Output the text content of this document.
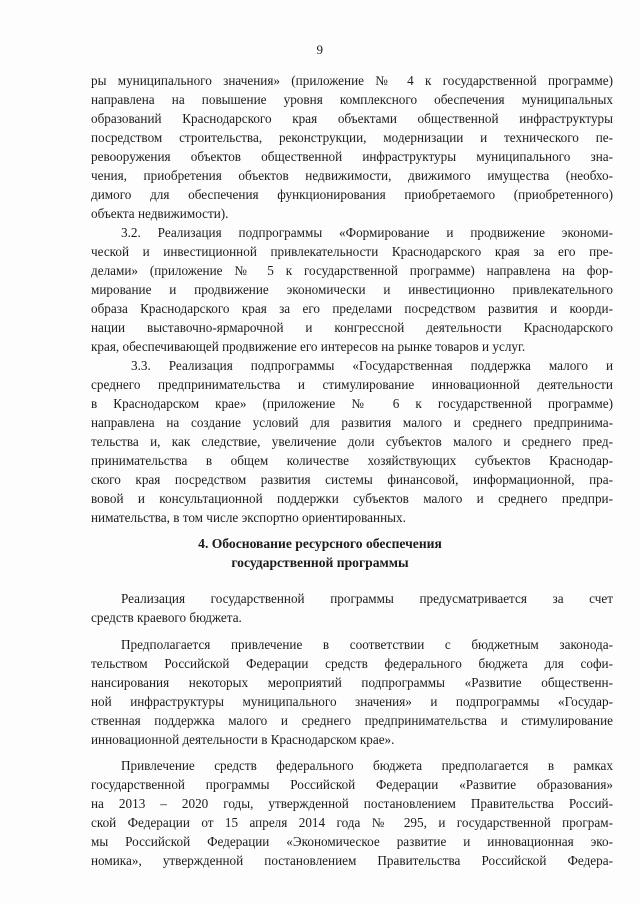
9
ры муниципального значения» (приложение № 4 к государственной программе)
направлена на повышение уровня комплексного обеспечения муниципальных
образований Краснодарского края объектами общественной инфраструктуры
посредством строительства, реконструкции, модернизации и технического пе-
ревооружения объектов общественной инфраструктуры муниципального зна-
чения, приобретения объектов недвижимости, движимого имущества (необхо-
димого для обеспечения функционирования приобретаемого (приобретенного)
объекта недвижимости).
3.2. Реализация подпрограммы «Формирование и продвижение экономи-
ческой и инвестиционной привлекательности Краснодарского края за его пре-
делами» (приложение № 5 к государственной программе) направлена на фор-
мирование и продвижение экономически и инвестиционно привлекательного
образа Краснодарского края за его пределами посредством развития и коорди-
нации выставочно-ярмарочной и конгрессной деятельности Краснодарского
края, обеспечивающей продвижение его интересов на рынке товаров и услуг.
3.3. Реализация подпрограммы «Государственная поддержка малого и
среднего предпринимательства и стимулирование инновационной деятельности
в Краснодарском крае» (приложение № 6 к государственной программе)
направлена на создание условий для развития малого и среднего предпринима-
тельства и, как следствие, увеличение доли субъектов малого и среднего пред-
принимательства в общем количестве хозяйствующих субъектов Краснодар-
ского края посредством развития системы финансовой, информационной, пра-
вовой и консультационной поддержки субъектов малого и среднего предпри-
нимательства, в том числе экспортно ориентированных.
4. Обоснование ресурсного обеспечения
государственной программы
Реализация государственной программы предусматривается за счет
средств краевого бюджета.
Предполагается привлечение в соответствии с бюджетным законода-
тельством Российской Федерации средств федерального бюджета для софи-
нансирования некоторых мероприятий подпрограммы «Развитие общественн-
ной инфраструктуры муниципального значения» и подпрограммы «Государ-
ственная поддержка малого и среднего предпринимательства и стимулирование
инновационной деятельности в Краснодарском крае».
Привлечение средств федерального бюджета предполагается в рамках
государственной программы Российской Федерации «Развитие образования»
на 2013 – 2020 годы, утвержденной постановлением Правительства Россий-
ской Федерации от 15 апреля 2014 года № 295, и государственной програм-
мы Российской Федерации «Экономическое развитие и инновационная эко-
номика», утвержденной постановлением Правительства Российской Федера-
